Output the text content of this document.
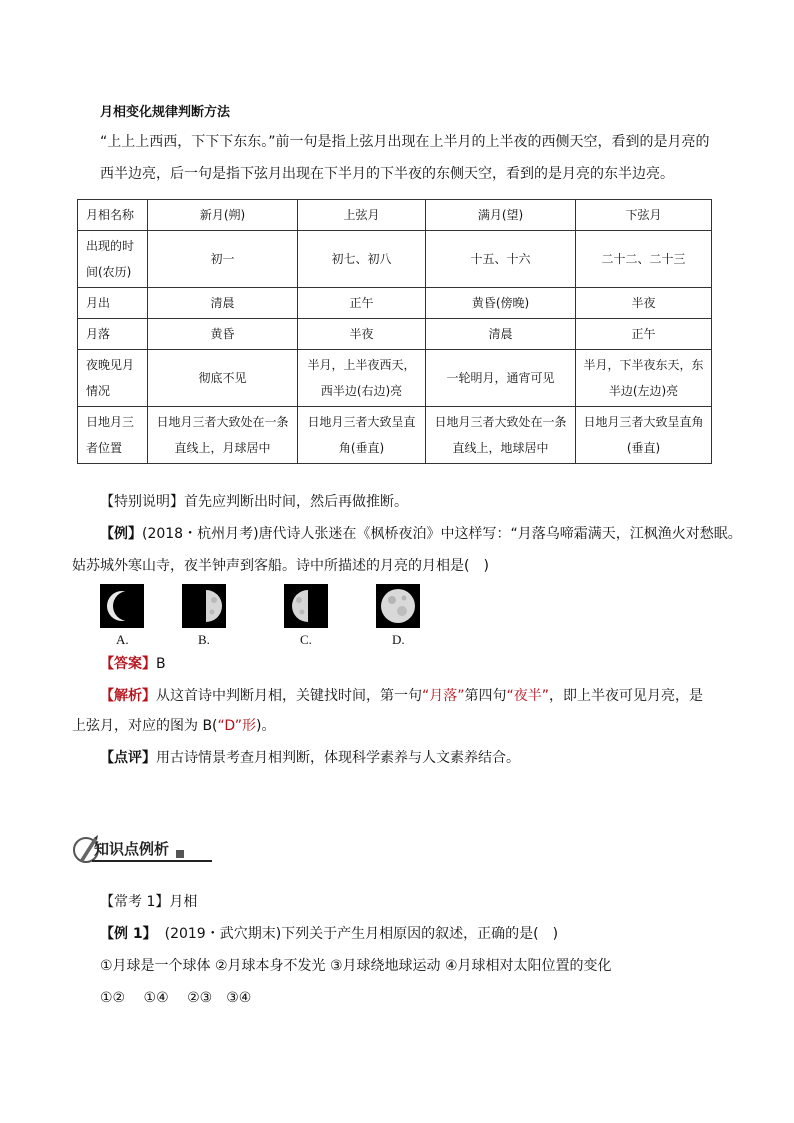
月相变化规律判断方法
“上上上西西，下下下东东。”前一句是指上弦月出现在上半月的上半夜的西侧天空，看到的是月亮的
西半边亮，后一句是指下弦月出现在下半月的下半夜的东侧天空，看到的是月亮的东半边亮。
月相名称	新月(朔)	上弦月	满月(望)	下弦月
出现的时间(农历)	初一	初七、初八	十五、十六	二十二、二十三
月出	清晨	正午	黄昏(傍晚)	半夜
月落	黄昏	半夜	清晨	正午
夜晚见月情况	彻底不见	半月，上半夜西天，西半边(右边)亮	一轮明月，通宵可见	半月，下半夜东天，东半边(左边)亮
日地月三者位置	日地月三者大致处在一条直线上，月球居中	日地月三者大致呈直角(垂直)	日地月三者大致处在一条直线上，地球居中	日地月三者大致呈直角(垂直)
【特别说明】首先应判断出时间，然后再做推断。
【例】(2018・杭州月考)唐代诗人张迷在《枫桥夜泊》中这样写：“月落乌啼霜满天，江枫渔火对愁眠。
姑苏城外寒山寺，夜半钟声到客船。诗中所描述的月亮的月相是(　)
A.	B.	C.	D.
【答案】B
【解析】从这首诗中判断月相，关键找时间，第一句“月落”第四句“夜半”，即上半夜可见月亮，是
上弦月，对应的图为 B(“D”形)。
【点评】用古诗情景考查月相判断，体现科学素养与人文素养结合。
知识点例析
【常考 1】月相
【例 1】 (2019・武穴期末)下列关于产生月相原因的叙述，正确的是(　)
①月球是一个球体 ②月球本身不发光 ③月球绕地球运动 ④月球相对太阳位置的变化
①②　 ①④　 ②③　③④
